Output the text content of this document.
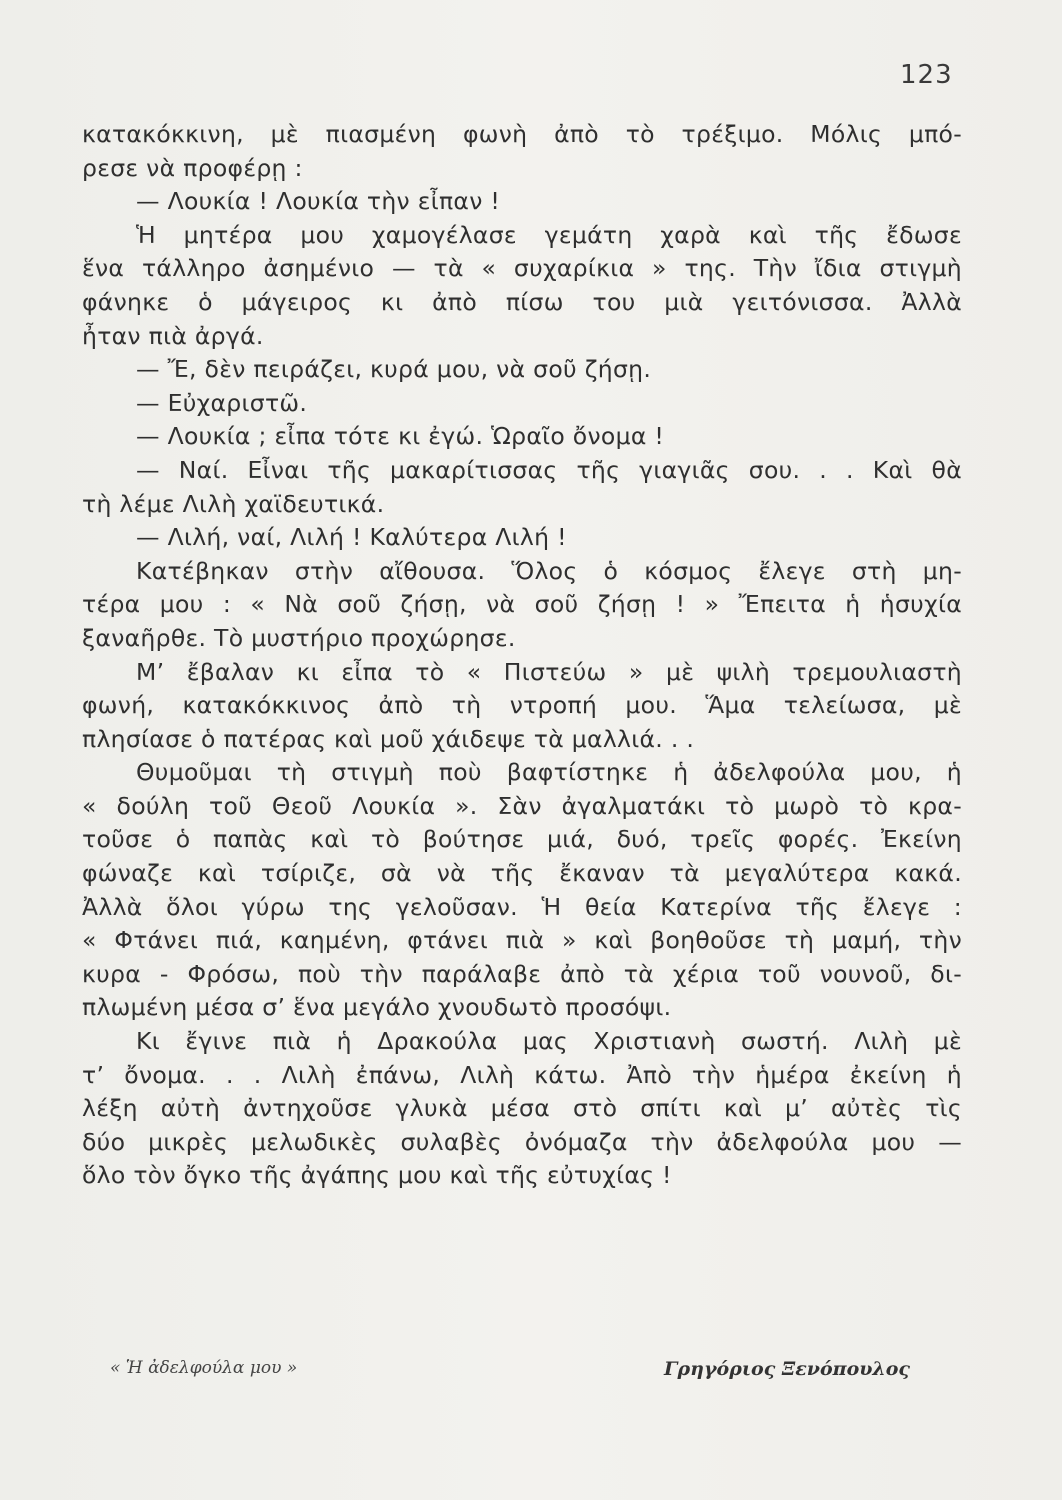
123
κατακόκκινη, μὲ πιασμένη φωνὴ ἀπὸ τὸ τρέξιμο. Μόλις μπό-
ρεσε νὰ προφέρῃ :
— Λουκία ! Λουκία τὴν εἶπαν !
Ἡ μητέρα μου χαμογέλασε γεμάτη χαρὰ καὶ τῆς ἔδωσε
ἕνα τάλληρο ἀσημένιο — τὰ « συχαρίκια » της. Τὴν ἴδια στιγμὴ
φάνηκε ὁ μάγειρος κι ἀπὸ πίσω του μιὰ γειτόνισσα. Ἀλλὰ
ἦταν πιὰ ἀργά.
— Ἔ, δὲν πειράζει, κυρά μου, νὰ σοῦ ζήσῃ.
— Εὐχαριστῶ.
— Λουκία ; εἶπα τότε κι ἐγώ. Ὡραῖο ὄνομα !
— Ναί. Εἶναι τῆς μακαρίτισσας τῆς γιαγιᾶς σου. . . Καὶ θὰ
τὴ λέμε Λιλὴ χαϊδευτικά.
— Λιλή, ναί, Λιλή ! Καλύτερα Λιλή !
Κατέβηκαν στὴν αἴθουσα. Ὅλος ὁ κόσμος ἔλεγε στὴ μη-
τέρα μου : « Νὰ σοῦ ζήσῃ, νὰ σοῦ ζήσῃ ! » Ἔπειτα ἡ ἡσυχία
ξαναῆρθε. Τὸ μυστήριο προχώρησε.
Μ’ ἔβαλαν κι εἶπα τὸ « Πιστεύω » μὲ ψιλὴ τρεμουλιαστὴ
φωνή, κατακόκκινος ἀπὸ τὴ ντροπή μου. Ἅμα τελείωσα, μὲ
πλησίασε ὁ πατέρας καὶ μοῦ χάιδεψε τὰ μαλλιά. . .
Θυμοῦμαι τὴ στιγμὴ ποὺ βαφτίστηκε ἡ ἀδελφούλα μου, ἡ
« δούλη τοῦ Θεοῦ Λουκία ». Σὰν ἀγαλματάκι τὸ μωρὸ τὸ κρα-
τοῦσε ὁ παπὰς καὶ τὸ βούτησε μιά, δυό, τρεῖς φορές. Ἐκείνη
φώναζε καὶ τσίριζε, σὰ νὰ τῆς ἔκαναν τὰ μεγαλύτερα κακά.
Ἀλλὰ ὅλοι γύρω της γελοῦσαν. Ἡ θεία Κατερίνα τῆς ἔλεγε :
« Φτάνει πιά, καημένη, φτάνει πιὰ » καὶ βοηθοῦσε τὴ μαμή, τὴν
κυρα - Φρόσω, ποὺ τὴν παράλαβε ἀπὸ τὰ χέρια τοῦ νουνοῦ, δι-
πλωμένη μέσα σ’ ἕνα μεγάλο χνουδωτὸ προσόψι.
Κι ἔγινε πιὰ ἡ Δρακούλα μας Χριστιανὴ σωστή. Λιλὴ μὲ
τ’ ὄνομα. . . Λιλὴ ἐπάνω, Λιλὴ κάτω. Ἀπὸ τὴν ἡμέρα ἐκείνη ἡ
λέξη αὐτὴ ἀντηχοῦσε γλυκὰ μέσα στὸ σπίτι καὶ μ’ αὐτὲς τὶς
δύο μικρὲς μελωδικὲς συλαβὲς ὀνόμαζα τὴν ἀδελφούλα μου —
ὅλο τὸν ὄγκο τῆς ἀγάπης μου καὶ τῆς εὐτυχίας !
« Ἡ ἀδελφούλα μου »	Γρηγόριος Ξενόπουλος
